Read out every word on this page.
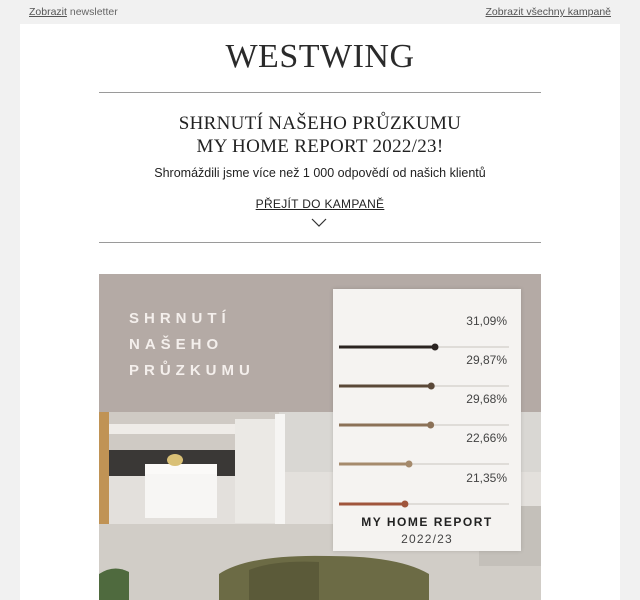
Zobrazit newsletter	Zobrazit všechny kampaně
WESTWING
SHRNUTÍ NAŠEHO PRŮZKUMU
MY HOME REPORT 2022/23!
Shromáždili jsme více než 1 000 odpovědí od našich klientů
PŘEJÍT DO KAMPANĚ
SHRNUTÍ
NAŠEHO
PRŮZKUMU
31,09%
29,87%
29,68%
22,66%
21,35%
MY HOME REPORT
2022/23
